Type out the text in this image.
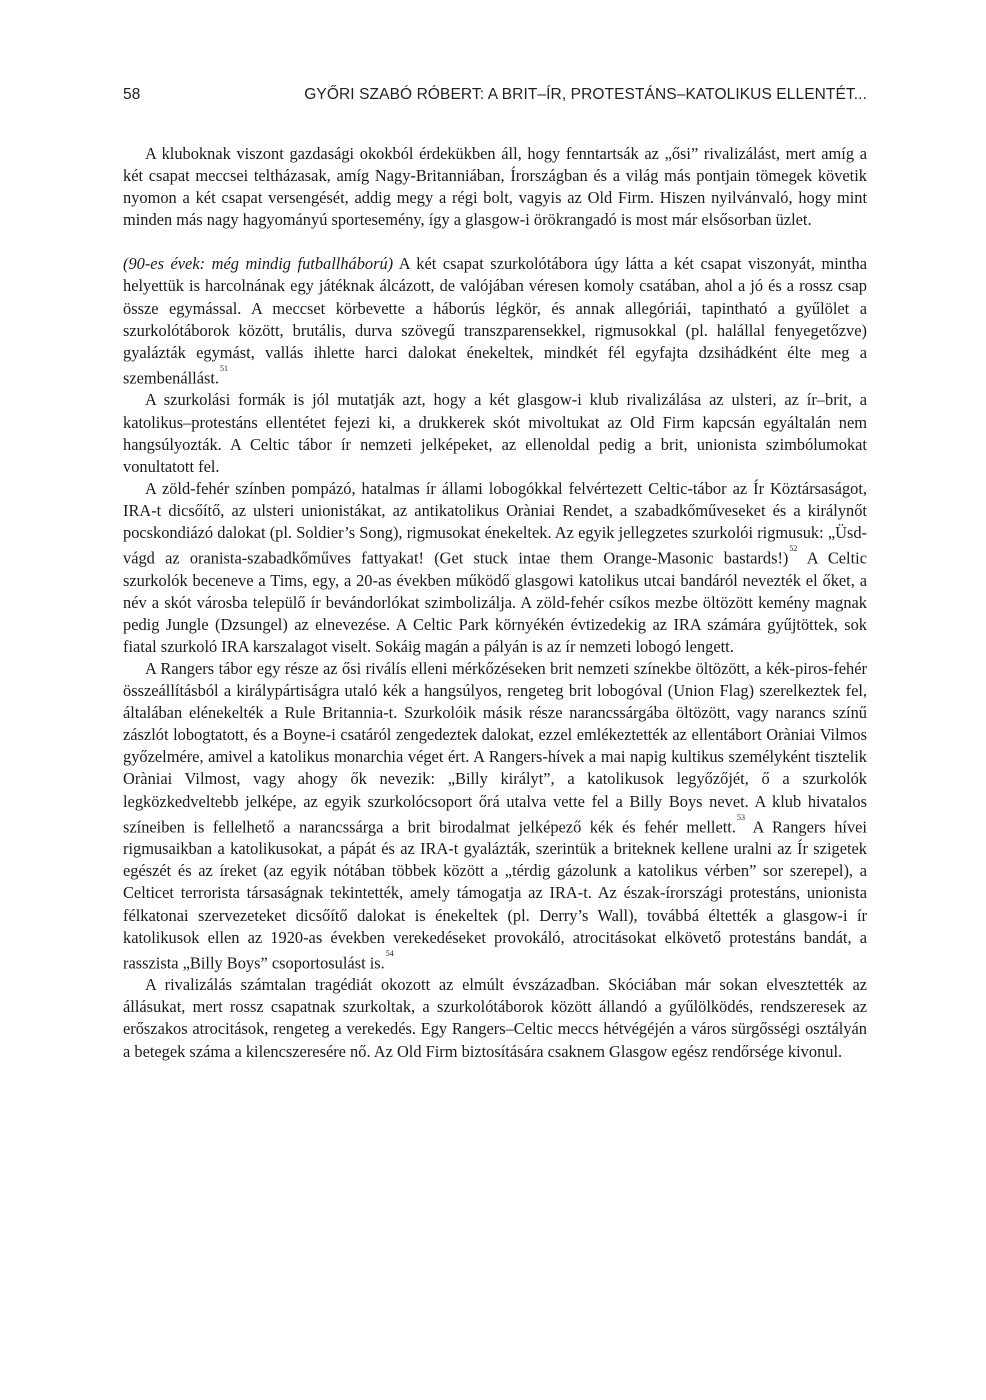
58	GYŐRI SZABÓ RÓBERT: A BRIT–ÍR, PROTESTÁNS–KATOLIKUS ELLENTÉT...

A kluboknak viszont gazdasági okokból érdekükben áll, hogy fenntartsák az „ősi” rivalizálást, mert amíg a két csapat meccsei teltházasak, amíg Nagy-Britanniában, Írországban és a világ más pontjain tömegek követik nyomon a két csapat versengését, addig megy a régi bolt, vagyis az Old Firm. Hiszen nyilvánvaló, hogy mint minden más nagy hagyományú sportesemény, így a glasgow-i örökrangadó is most már elsősorban üzlet.

(90-es évek: még mindig futballháború) A két csapat szurkolótábora úgy látta a két csapat viszonyát, mintha helyettük is harcolnának egy játéknak álcázott, de valójában véresen komoly csatában, ahol a jó és a rossz csap össze egymással. A meccset körbevette a háborús légkör, és annak allegóriái, tapintható a gyűlölet a szurkolótáborok között, brutális, durva szövegű transzparensekkel, rigmusokkal (pl. halállal fenyegetőzve) gyalázták egymást, vallás ihlette harci dalokat énekeltek, mindkét fél egyfajta dzsihádként élte meg a szembenállást.$^{51}$

A szurkolási formák is jól mutatják azt, hogy a két glasgow-i klub rivalizálása az ulsteri, az ír–brit, a katolikus–protestáns ellentétet fejezi ki, a drukkerek skót mivoltukat az Old Firm kapcsán egyáltalán nem hangsúlyozták. A Celtic tábor ír nemzeti jelképeket, az ellenoldal pedig a brit, unionista szimbólumokat vonultatott fel.

A zöld-fehér színben pompázó, hatalmas ír állami lobogókkal felvértezett Celtic-tábor az Ír Köztársaságot, IRA-t dicsőítő, az ulsteri unionistákat, az antikatolikus Oràniai Rendet, a szabadkőműveseket és a királynőt pocskondiázó dalokat (pl. Soldier’s Song), rigmusokat énekeltek. Az egyik jellegzetes szurkolói rigmusuk: „Üsd-vágd az oranista-szabadkőműves fattyakat! (Get stuck intae them Orange-Masonic bastards!)$^{52}$ A Celtic szurkolók beceneve a Tims, egy, a 20-as években működő glasgowi katolikus utcai bandáról nevezték el őket, a név a skót városba települő ír bevándorlókat szimbolizálja. A zöld-fehér csíkos mezbe öltözött kemény magnak pedig Jungle (Dzsungel) az elnevezése. A Celtic Park környékén évtizedekig az IRA számára gyűjtöttek, sok fiatal szurkoló IRA karszalagot viselt. Sokáig magán a pályán is az ír nemzeti lobogó lengett.

A Rangers tábor egy része az ősi riválís elleni mérkőzéseken brit nemzeti színekbe öltözött, a kék-piros-fehér összeállításból a királypártiságra utaló kék a hangsúlyos, rengeteg brit lobogóval (Union Flag) szerelkeztek fel, általában elénekelték a Rule Britannia-t. Szurkolóik másik része narancssárgába öltözött, vagy narancs színű zászlót lobogtatott, és a Boyne-i csatáról zengedeztek dalokat, ezzel emlékeztették az ellentábort Oràniai Vilmos győzelmére, amivel a katolikus monarchia véget ért. A Rangers-hívek a mai napig kultikus személyként tisztelik Oràniai Vilmost, vagy ahogy ők nevezik: „Billy királyt”, a katolikusok legyőzőjét, ő a szurkolók legközkedveltebb jelképe, az egyik szurkolócsoport őrá utalva vette fel a Billy Boys nevet. A klub hivatalos színeiben is fellelhető a narancssárga a brit birodalmat jelképező kék és fehér mellett.$^{53}$ A Rangers hívei rigmusaikban a katolikusokat, a pápát és az IRA-t gyalázták, szerintük a briteknek kellene uralni az Ír szigetek egészét és az íreket (az egyik nótában többek között a „térdig gázolunk a katolikus vérben” sor szerepel), a Celticet terrorista társaságnak tekintették, amely támogatja az IRA-t. Az észak-írországi protestáns, unionista félkatonai szervezeteket dicsőítő dalokat is énekeltek (pl. Derry’s Wall), továbbá éltették a glasgow-i ír katolikusok ellen az 1920-as években verekedéseket provokáló, atrocitásokat elkövető protestáns bandát, a rasszista „Billy Boys” csoportosulást is.$^{54}$

A rivalizálás számtalan tragédiát okozott az elmúlt évszázadban. Skóciában már sokan elvesztették az állásukat, mert rossz csapatnak szurkoltak, a szurkolótáborok között állandó a gyűlölködés, rendszeresek az erőszakos atrocitások, rengeteg a verekedés. Egy Rangers–Celtic meccs hétvégéjén a város sürgősségi osztályán a betegek száma a kilencszeresére nő. Az Old Firm biztosítására csaknem Glasgow egész rendőrsége kivonul.
